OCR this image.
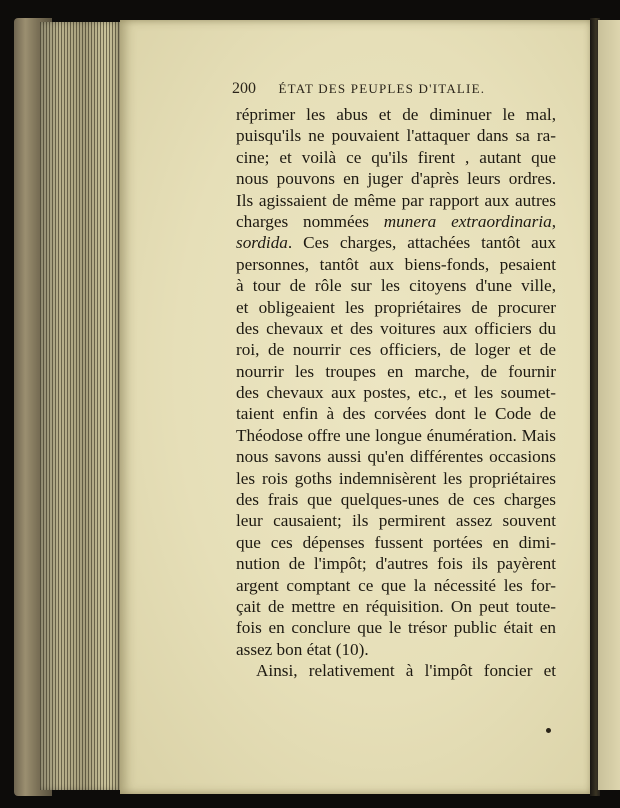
200 ÉTAT DES PEUPLES D'ITALIE.
réprimer les abus et de diminuer le mal,
puisqu'ils ne pouvaient l'attaquer dans sa ra-
cine; et voilà ce qu'ils firent , autant que
nous pouvons en juger d'après leurs ordres.
Ils agissaient de même par rapport aux autres
charges nommées munera extraordinaria,
sordida. Ces charges, attachées tantôt aux
personnes, tantôt aux biens-fonds, pesaient
à tour de rôle sur les citoyens d'une ville,
et obligeaient les propriétaires de procurer
des chevaux et des voitures aux officiers du
roi, de nourrir ces officiers, de loger et de
nourrir les troupes en marche, de fournir
des chevaux aux postes, etc., et les soumet-
taient enfin à des corvées dont le Code de
Théodose offre une longue énumération. Mais
nous savons aussi qu'en différentes occasions
les rois goths indemnisèrent les propriétaires
des frais que quelques-unes de ces charges
leur causaient; ils permirent assez souvent
que ces dépenses fussent portées en dimi-
nution de l'impôt; d'autres fois ils payèrent
argent comptant ce que la nécessité les for-
çait de mettre en réquisition. On peut toute-
fois en conclure que le trésor public était en
assez bon état (10).
Ainsi, relativement à l'impôt foncier et
